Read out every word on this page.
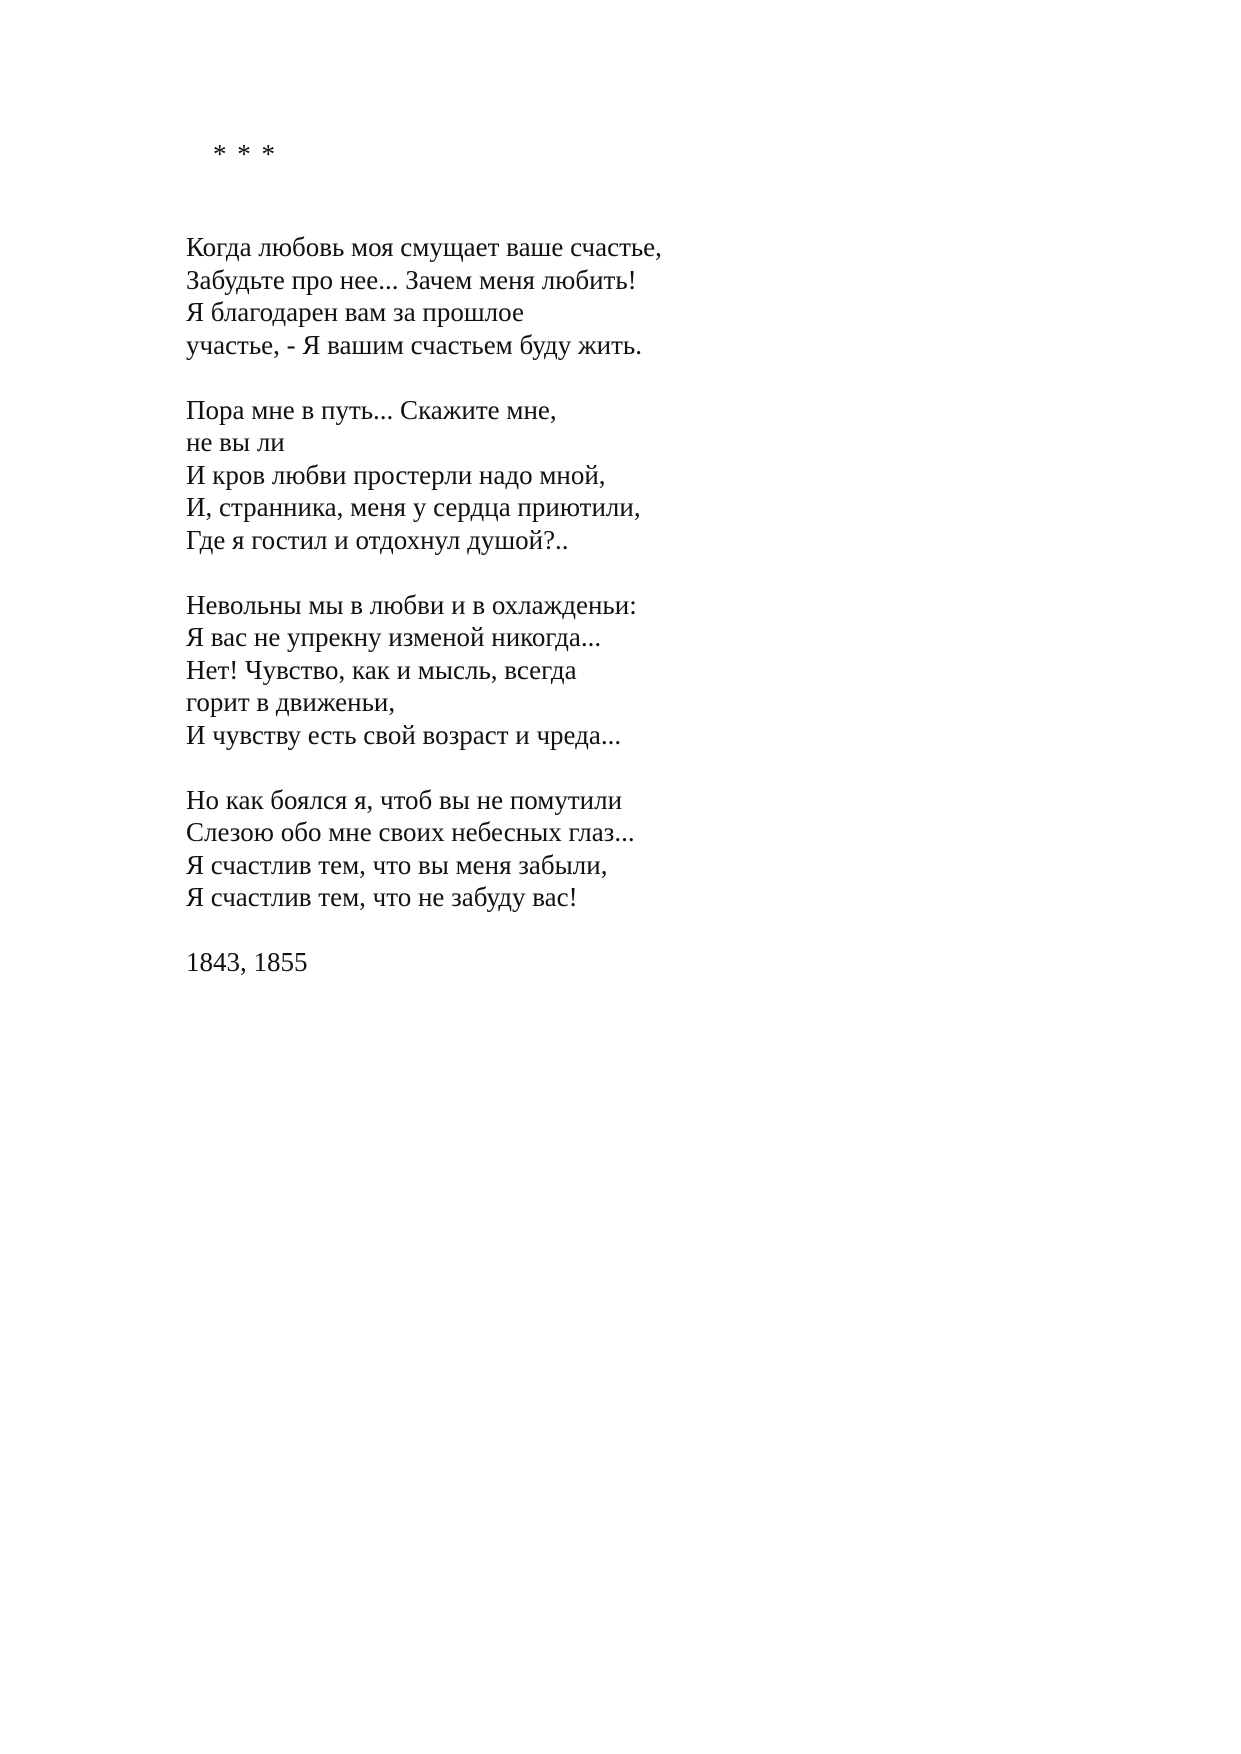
* * *
Когда любовь моя смущает ваше счастье,
Забудьте про нее... Зачем меня любить!
Я благодарен вам за прошлое
участье, - Я вашим счастьем буду жить.
Пора мне в путь... Скажите мне,
не вы ли
И кров любви простерли надо мной,
И, странника, меня у сердца приютили,
Где я гостил и отдохнул душой?..
Невольны мы в любви и в охлажденьи:
Я вас не упрекну изменой никогда...
Нет! Чувство, как и мысль, всегда
горит в движеньи,
И чувству есть свой возраст и чреда...
Но как боялся я, чтоб вы не помутили
Слезою обо мне своих небесных глаз...
Я счастлив тем, что вы меня забыли,
Я счастлив тем, что не забуду вас!
1843, 1855
